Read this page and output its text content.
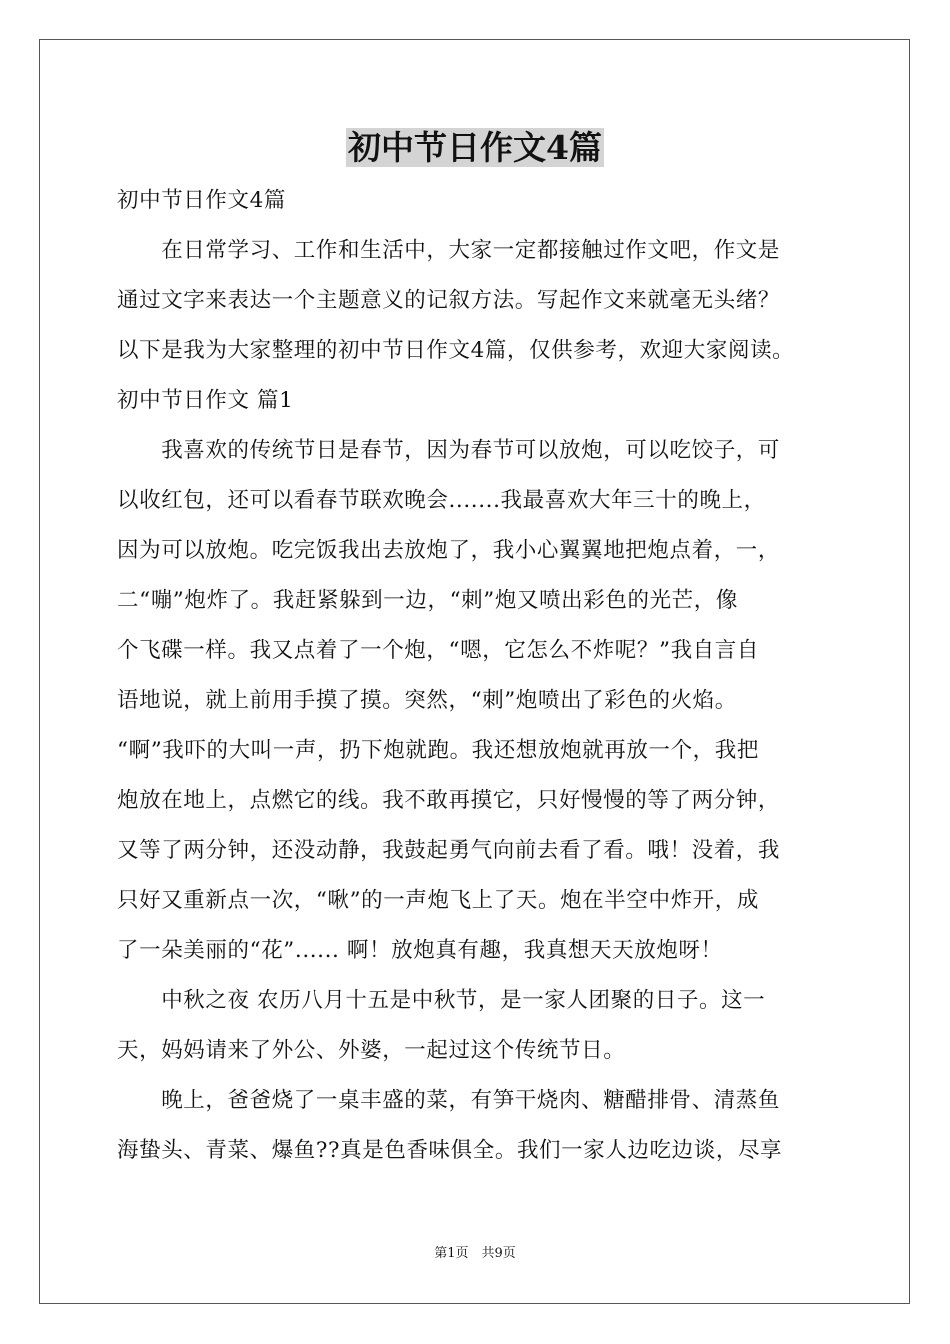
初中节日作文4篇
初中节日作文4篇
　　在日常学习、工作和生活中，大家一定都接触过作文吧，作文是
通过文字来表达一个主题意义的记叙方法。写起作文来就毫无头绪？
以下是我为大家整理的初中节日作文4篇，仅供参考，欢迎大家阅读。
初中节日作文 篇1
　　我喜欢的传统节日是春节，因为春节可以放炮，可以吃饺子，可
以收红包，还可以看春节联欢晚会.......我最喜欢大年三十的晚上，
因为可以放炮。吃完饭我出去放炮了，我小心翼翼地把炮点着，一，
二“嘣”炮炸了。我赶紧躲到一边，“刺”炮又喷出彩色的光芒，像
个飞碟一样。我又点着了一个炮，“嗯，它怎么不炸呢？”我自言自
语地说，就上前用手摸了摸。突然，“刺”炮喷出了彩色的火焰。
“啊”我吓的大叫一声，扔下炮就跑。我还想放炮就再放一个，我把
炮放在地上，点燃它的线。我不敢再摸它，只好慢慢的等了两分钟，
又等了两分钟，还没动静，我鼓起勇气向前去看了看。哦！没着，我
只好又重新点一次，“啾”的一声炮飞上了天。炮在半空中炸开，成
了一朵美丽的“花”...... 啊！放炮真有趣，我真想天天放炮呀！
　　中秋之夜 农历八月十五是中秋节，是一家人团聚的日子。这一
天，妈妈请来了外公、外婆，一起过这个传统节日。
　　晚上，爸爸烧了一桌丰盛的菜，有笋干烧肉、糖醋排骨、清蒸鱼
海蛰头、青菜、爆鱼??真是色香味俱全。我们一家人边吃边谈，尽享
第1页　共9页
